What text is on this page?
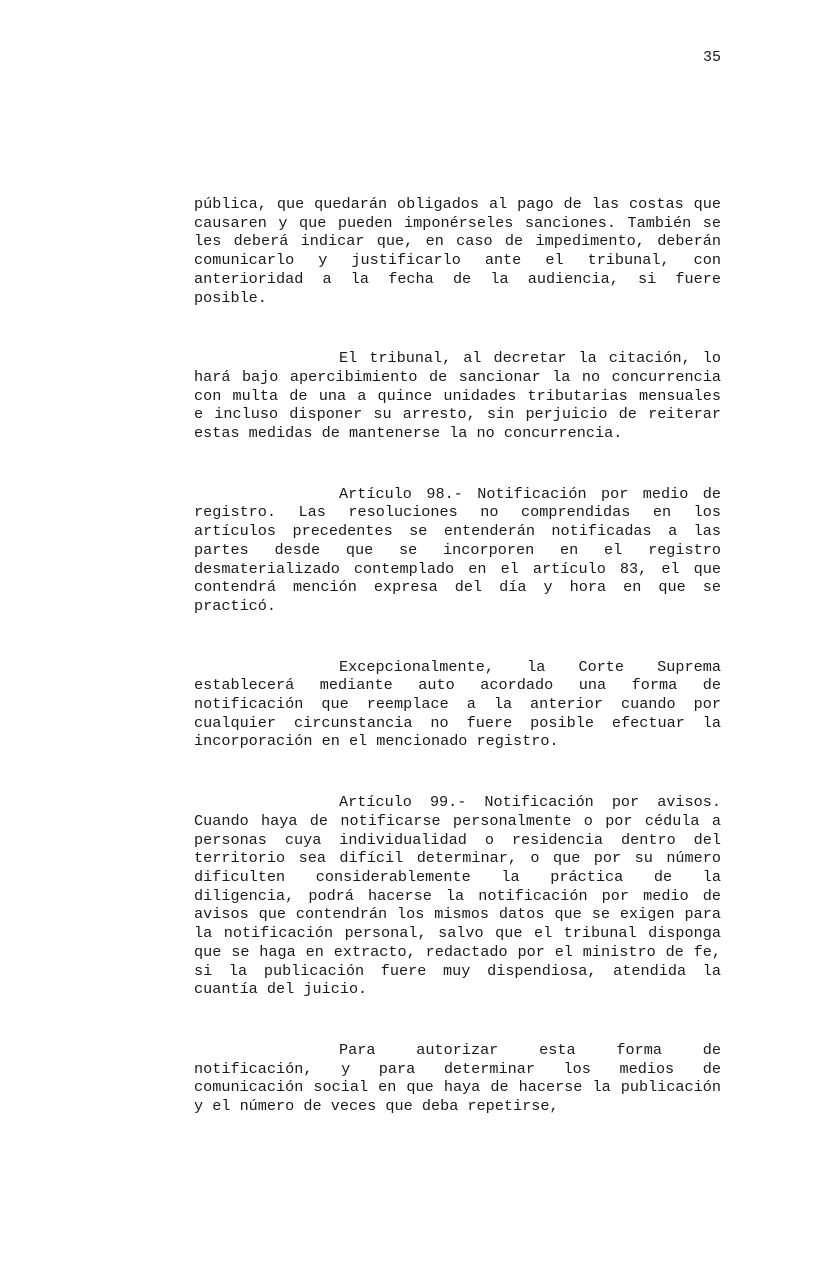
35

pública, que quedarán obligados al pago de las costas que causaren y que pueden imponérseles sanciones. También se les deberá indicar que, en caso de impedimento, deberán comunicarlo y justificarlo ante el tribunal, con anterioridad a la fecha de la audiencia, si fuere posible.

El tribunal, al decretar la citación, lo hará bajo apercibimiento de sancionar la no concurrencia con multa de una a quince unidades tributarias mensuales e incluso disponer su arresto, sin perjuicio de reiterar estas medidas de mantenerse la no concurrencia.

Artículo 98.- Notificación por medio de registro. Las resoluciones no comprendidas en los artículos precedentes se entenderán notificadas a las partes desde que se incorporen en el registro desmaterializado contemplado en el artículo 83, el que contendrá mención expresa del día y hora en que se practicó.

Excepcionalmente, la Corte Suprema establecerá mediante auto acordado una forma de notificación que reemplace a la anterior cuando por cualquier circunstancia no fuere posible efectuar la incorporación en el mencionado registro.

Artículo 99.- Notificación por avisos. Cuando haya de notificarse personalmente o por cédula a personas cuya individualidad o residencia dentro del territorio sea difícil determinar, o que por su número dificulten considerablemente la práctica de la diligencia, podrá hacerse la notificación por medio de avisos que contendrán los mismos datos que se exigen para la notificación personal, salvo que el tribunal disponga que se haga en extracto, redactado por el ministro de fe, si la publicación fuere muy dispendiosa, atendida la cuantía del juicio.

Para autorizar esta forma de notificación, y para determinar los medios de comunicación social en que haya de hacerse la publicación y el número de veces que deba repetirse,
